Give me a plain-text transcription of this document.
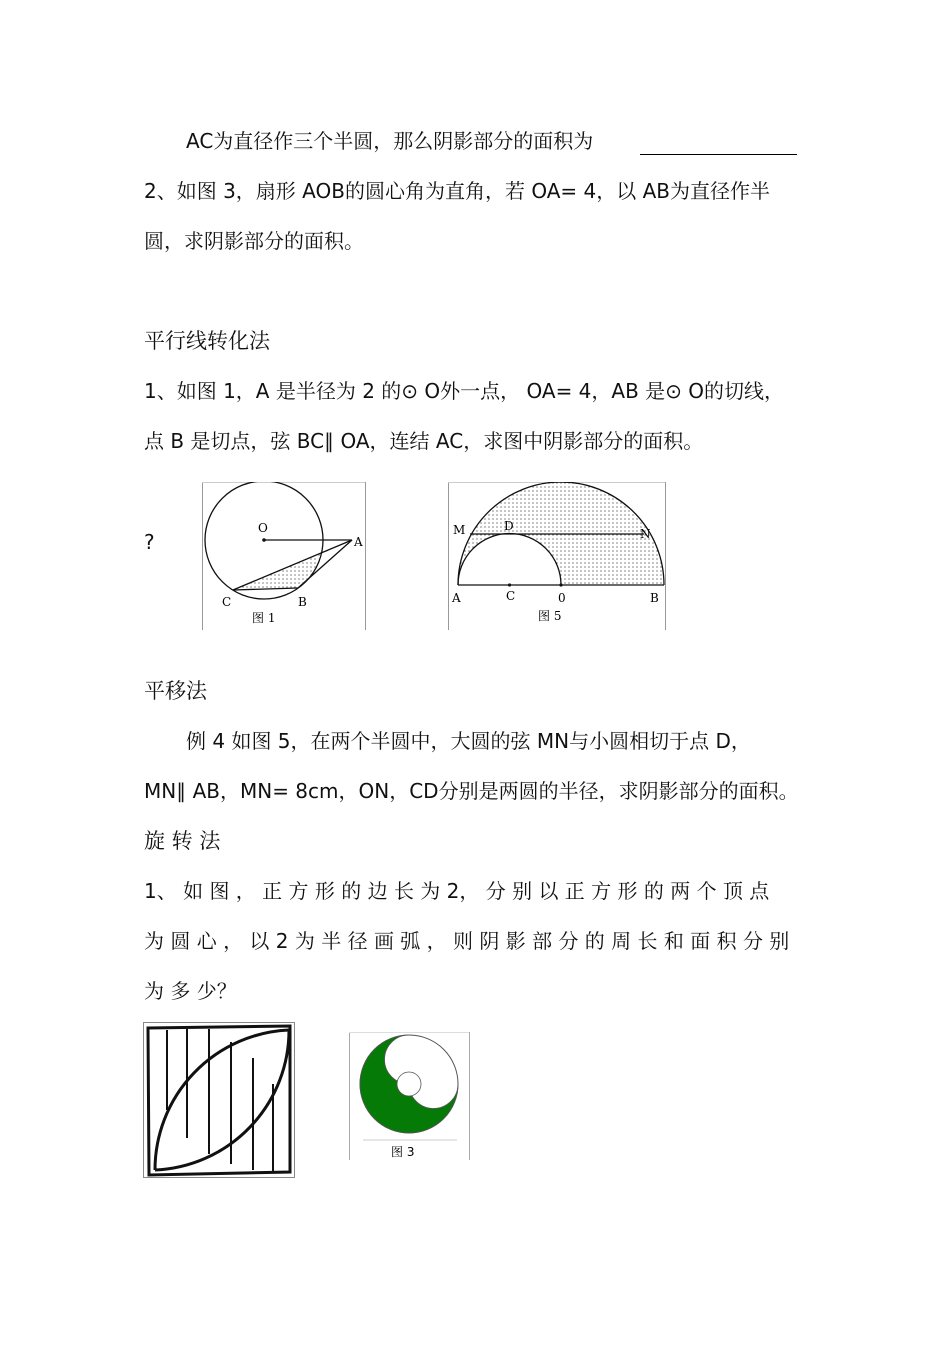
AC为直径作三个半圆，那么阴影部分的面积为
2、如图 3，扇形 AOB的圆心角为直角，若 OA= 4，以 AB为直径作半
圆，求阴影部分的面积。
平行线转化法
1、如图 1，A 是半径为 2 的⊙ O外一点， OA= 4，AB 是⊙ O的切线，
点 B 是切点，弦 BC∥ OA，连结 AC，求图中阴影部分的面积。
?
O
A
C	B
图 1
M	N
D
A	C	0	B
图 5
平移法
例 4 如图 5，在两个半圆中，大圆的弦 MN与小圆相切于点 D，
MN∥ AB，MN= 8cm，ON，CD分别是两圆的半径，求阴影部分的面积。
旋 转 法
1、 如 图 ， 正 方 形 的 边 长 为 2， 分 别 以 正 方 形 的 两 个 顶 点
为 圆 心 ， 以 2 为 半 径 画 弧 ， 则 阴 影 部 分 的 周 长 和 面 积 分 别
为 多 少？
图 3
